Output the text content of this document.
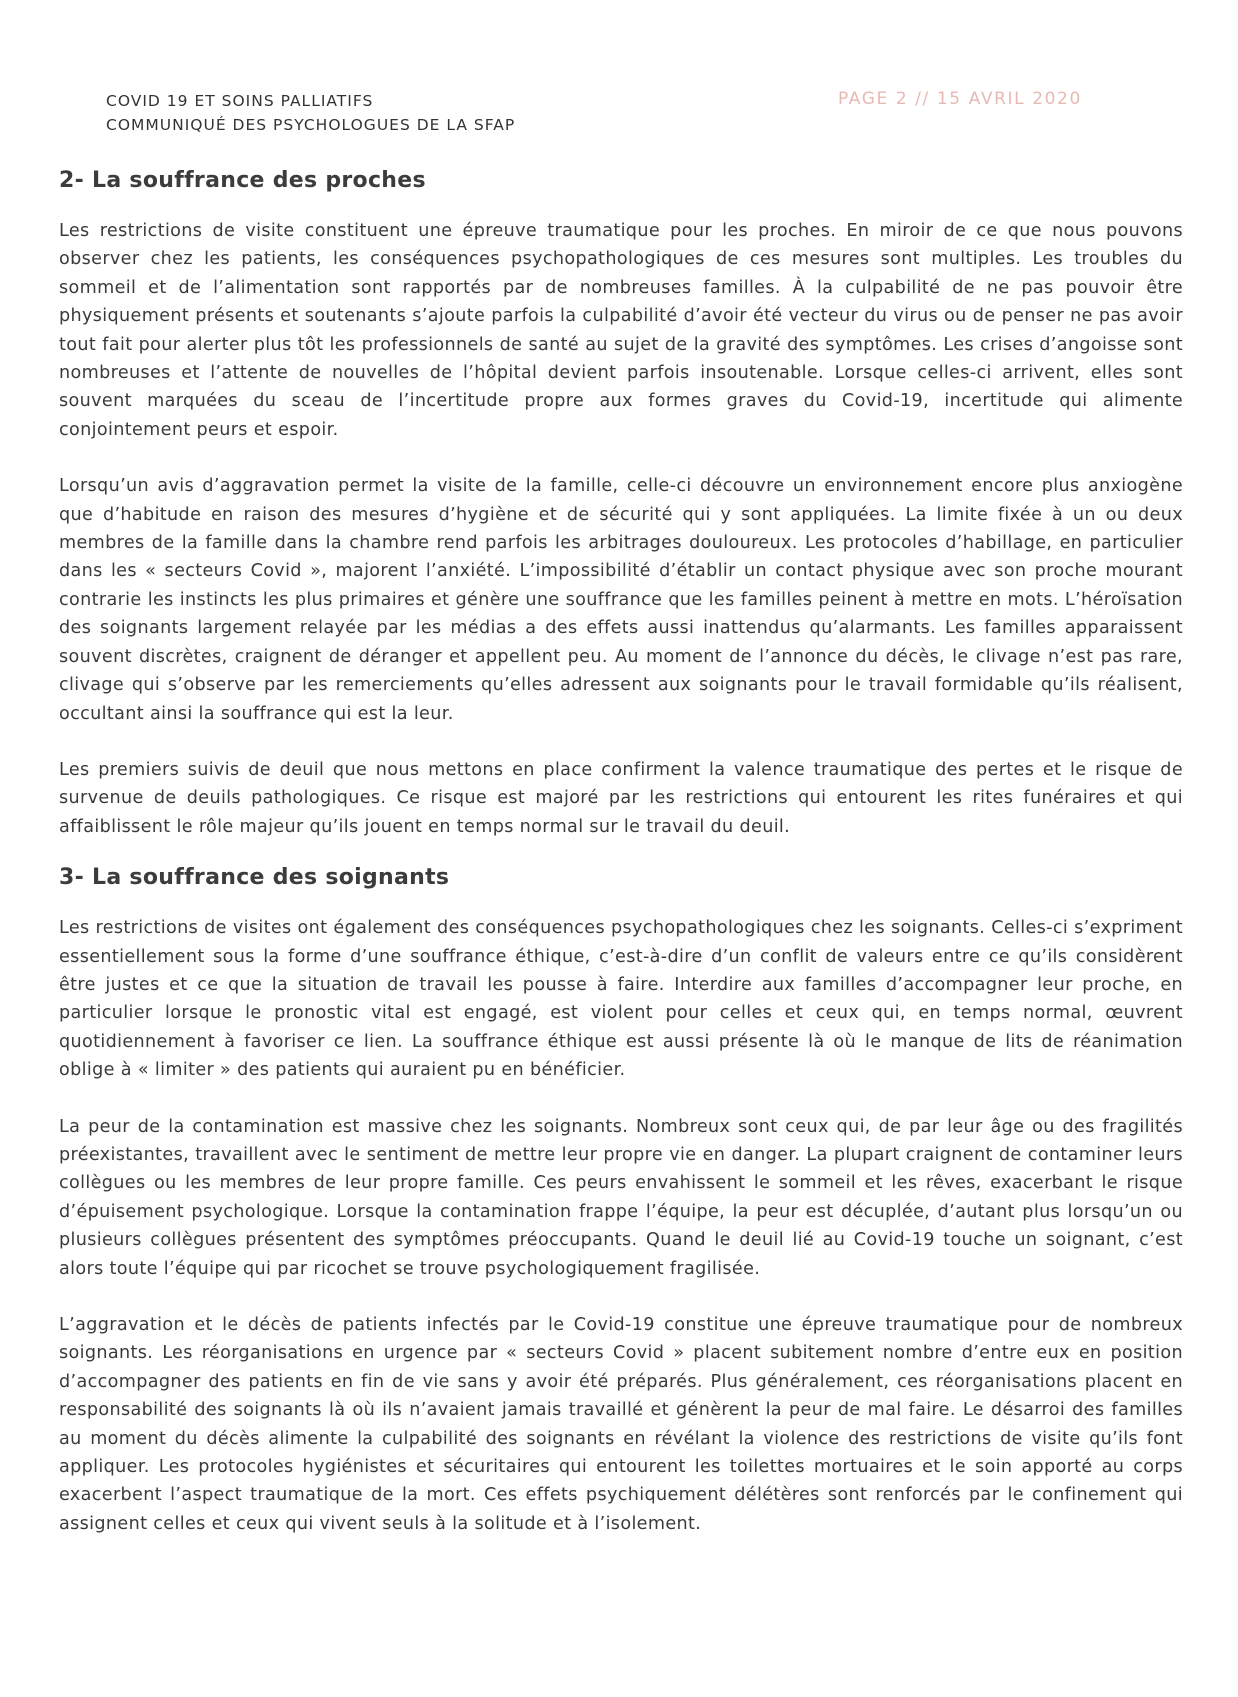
COVID 19 ET SOINS PALLIATIFS
COMMUNIQUÉ DES PSYCHOLOGUES DE LA SFAP
PAGE 2 // 15 AVRIL 2020
2- La souffrance des proches

Les restrictions de visite constituent une épreuve traumatique pour les proches. En miroir de ce que nous pouvons observer chez les patients, les conséquences psychopathologiques de ces mesures sont multiples. Les troubles du sommeil et de l’alimentation sont rapportés par de nombreuses familles. À la culpabilité de ne pas pouvoir être physiquement présents et soutenants s’ajoute parfois la culpabilité d’avoir été vecteur du virus ou de penser ne pas avoir tout fait pour alerter plus tôt les professionnels de santé au sujet de la gravité des symptômes. Les crises d’angoisse sont nombreuses et l’attente de nouvelles de l’hôpital devient parfois insoutenable. Lorsque celles-ci arrivent, elles sont souvent marquées du sceau de l’incertitude propre aux formes graves du Covid-19, incertitude qui alimente conjointement peurs et espoir.

Lorsqu’un avis d’aggravation permet la visite de la famille, celle-ci découvre un environnement encore plus anxiogène que d’habitude en raison des mesures d’hygiène et de sécurité qui y sont appliquées. La limite fixée à un ou deux membres de la famille dans la chambre rend parfois les arbitrages douloureux. Les protocoles d’habillage, en particulier dans les « secteurs Covid », majorent l’anxiété. L’impossibilité d’établir un contact physique avec son proche mourant contrarie les instincts les plus primaires et génère une souffrance que les familles peinent à mettre en mots. L’héroïsation des soignants largement relayée par les médias a des effets aussi inattendus qu’alarmants. Les familles apparaissent souvent discrètes, craignent de déranger et appellent peu. Au moment de l’annonce du décès, le clivage n’est pas rare, clivage qui s’observe par les remerciements qu’elles adressent aux soignants pour le travail formidable qu’ils réalisent, occultant ainsi la souffrance qui est la leur.

Les premiers suivis de deuil que nous mettons en place confirment la valence traumatique des pertes et le risque de survenue de deuils pathologiques. Ce risque est majoré par les restrictions qui entourent les rites funéraires et qui affaiblissent le rôle majeur qu’ils jouent en temps normal sur le travail du deuil.

3- La souffrance des soignants

Les restrictions de visites ont également des conséquences psychopathologiques chez les soignants. Celles-ci s’expriment essentiellement sous la forme d’une souffrance éthique, c’est-à-dire d’un conflit de valeurs entre ce qu’ils considèrent être justes et ce que la situation de travail les pousse à faire. Interdire aux familles d’accompagner leur proche, en particulier lorsque le pronostic vital est engagé, est violent pour celles et ceux qui, en temps normal, œuvrent quotidiennement à favoriser ce lien. La souffrance éthique est aussi présente là où le manque de lits de réanimation oblige à « limiter » des patients qui auraient pu en bénéficier.

La peur de la contamination est massive chez les soignants. Nombreux sont ceux qui, de par leur âge ou des fragilités préexistantes, travaillent avec le sentiment de mettre leur propre vie en danger. La plupart craignent de contaminer leurs collègues ou les membres de leur propre famille. Ces peurs envahissent le sommeil et les rêves, exacerbant le risque d’épuisement psychologique. Lorsque la contamination frappe l’équipe, la peur est décuplée, d’autant plus lorsqu’un ou plusieurs collègues présentent des symptômes préoccupants. Quand le deuil lié au Covid-19 touche un soignant, c’est alors toute l’équipe qui par ricochet se trouve psychologiquement fragilisée.

L’aggravation et le décès de patients infectés par le Covid-19 constitue une épreuve traumatique pour de nombreux soignants. Les réorganisations en urgence par « secteurs Covid » placent subitement nombre d’entre eux en position d’accompagner des patients en fin de vie sans y avoir été préparés. Plus généralement, ces réorganisations placent en responsabilité des soignants là où ils n’avaient jamais travaillé et génèrent la peur de mal faire. Le désarroi des familles au moment du décès alimente la culpabilité des soignants en révélant la violence des restrictions de visite qu’ils font appliquer. Les protocoles hygiénistes et sécuritaires qui entourent les toilettes mortuaires et le soin apporté au corps exacerbent l’aspect traumatique de la mort. Ces effets psychiquement délétères sont renforcés par le confinement qui assignent celles et ceux qui vivent seuls à la solitude et à l’isolement.
